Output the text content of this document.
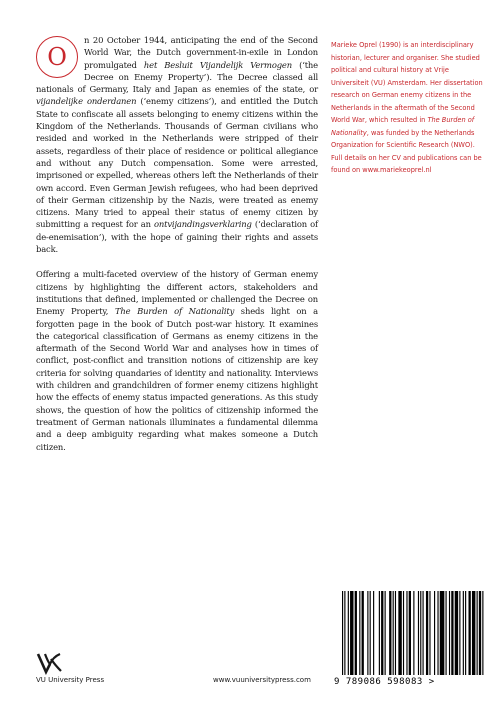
O
n 20 October 1944, anticipating the end of the Second World War, the Dutch government-in-exile in London promulgated het Besluit Vijandelijk Vermogen (‘the Decree on Enemy Property’). The Decree classed all nationals of Germany, Italy and Japan as enemies of the state, or vijandelijke onderdanen (‘enemy citizens’), and entitled the Dutch State to confiscate all assets belonging to enemy citizens within the Kingdom of the Netherlands. Thousands of German civilians who resided and worked in the Netherlands were stripped of their assets, regardless of their place of residence or political allegiance and without any Dutch compensation. Some were arrested, imprisoned or expelled, whereas others left the Netherlands of their own accord. Even German Jewish refugees, who had been deprived of their German citizenship by the Nazis, were treated as enemy citizens. Many tried to appeal their status of enemy citizen by submitting a request for an ontvijandingsverklaring (‘declaration of de-enemisation’), with the hope of gaining their rights and assets back.

Offering a multi-faceted overview of the history of German enemy citizens by highlighting the different actors, stakeholders and institutions that defined, implemented or challenged the Decree on Enemy Property, The Burden of Nationality sheds light on a forgotten page in the book of Dutch post-war history. It examines the categorical classification of Germans as enemy citizens in the aftermath of the Second World War and analyses how in times of conflict, post-conflict and transition notions of citizenship are key criteria for solving quandaries of identity and nationality. Interviews with children and grandchildren of former enemy citizens highlight how the effects of enemy status impacted generations. As this study shows, the question of how the politics of citizenship informed the treatment of German nationals illuminates a fundamental dilemma and a deep ambiguity regarding what makes someone a Dutch citizen.

Marieke Oprel (1990) is an interdisciplinary historian, lecturer and organiser. She studied political and cultural history at Vrije Universiteit (VU) Amsterdam. Her dissertation research on German enemy citizens in the Netherlands in the aftermath of the Second World War, which resulted in The Burden of Nationality, was funded by the Netherlands Organization for Scientific Research (NWO). Full details on her CV and publications can be found on www.mariekeoprel.nl
VU University Press	www.vuuniversitypress.com	9 789086 598083 >
